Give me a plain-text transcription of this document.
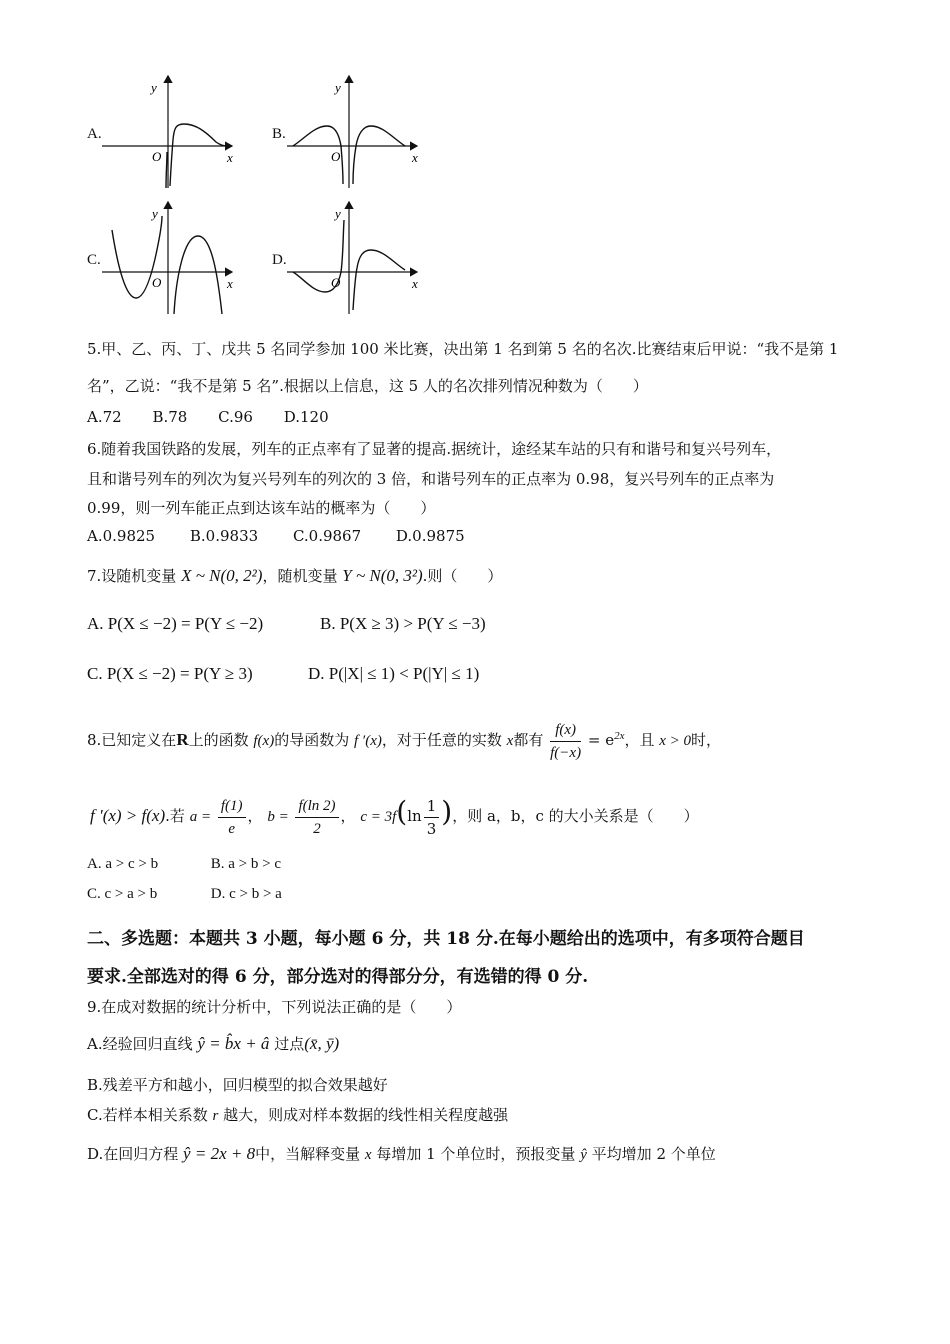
A.	B.
C.	D.
y
x
O
y
x
O
y
x
O
y
x
O
5.甲、乙、丙、丁、戊共 5 名同学参加 100 米比赛，决出第 1 名到第 5 名的名次.比赛结束后甲说：“我不是第 1
名”，乙说：“我不是第 5 名”.根据以上信息，这 5 人的名次排列情况种数为（　　）
A.72 B.78 C.96 D.120
6.随着我国铁路的发展，列车的正点率有了显著的提高.据统计，途经某车站的只有和谐号和复兴号列车，
且和谐号列车的列次为复兴号列车的列次的 3 倍，和谐号列车的正点率为 0.98，复兴号列车的正点率为
0.99，则一列车能正点到达该车站的概率为（　　）
A.0.9825 B.0.9833 C.0.9867 D.0.9875
7.设随机变量 X ~ N(0, 2²)，随机变量 Y ~ N(0, 3²).则（　　）
A. P(X ≤ −2) = P(Y ≤ −2)	B. P(X ≥ 3) > P(Y ≤ −3)
C. P(X ≤ −2) = P(Y ≥ 3)	D. P(|X| ≤ 1) < P(|Y| ≤ 1)
8.已知定义在R上的函数 f(x)的导函数为 f ′(x)，对于任意的实数 x都有 $\frac{f(x)}{f(-x)} = e^{2x}$，且 x > 0时，
f ′(x) > f(x).若 $a = \frac{f(1)}{e}$ ， $b = \frac{f(\ln 2)}{2}$ ， $c = 3f(\ln \frac{1}{3}$ )，则 a，b，c 的大小关系是（　　）
A. a > c > b	B. a > b > c
C. c > a > b	D. c > b > a
二、多选题：本题共 3 小题，每小题 6 分，共 18 分.在每小题给出的选项中，有多项符合题目
要求.全部选对的得 6 分，部分选对的得部分分，有选错的得 0 分.
9.在成对数据的统计分析中，下列说法正确的是（　　）
A.经验回归直线 ŷ = b̂x + â 过点(x̄, ȳ)
B.残差平方和越小，回归模型的拟合效果越好
C.若样本相关系数 r 越大，则成对样本数据的线性相关程度越强
D.在回归方程 ŷ = 2x + 8中，当解释变量 x 每增加 1 个单位时，预报变量 ŷ 平均增加 2 个单位
